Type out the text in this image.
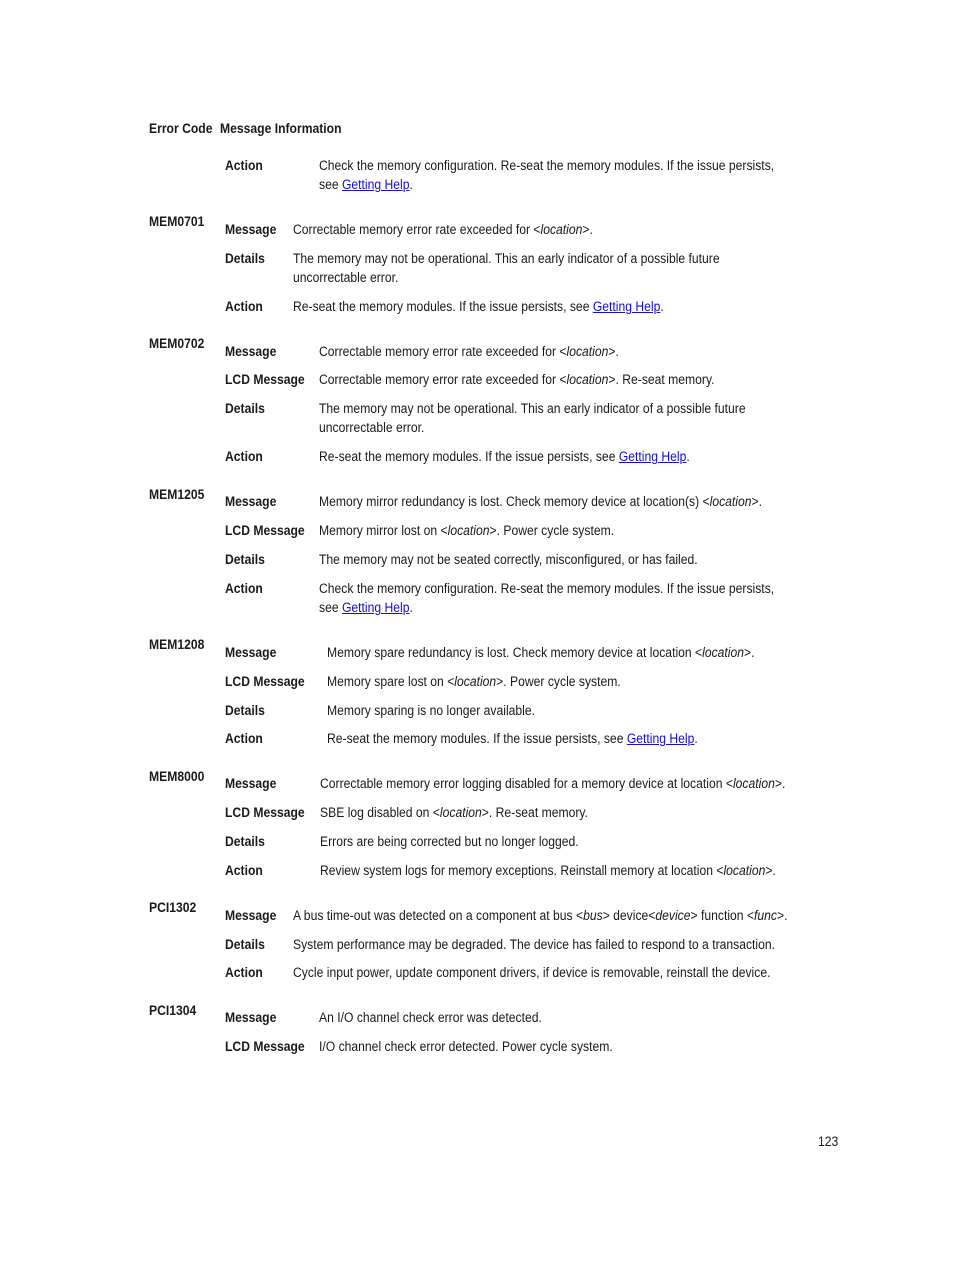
Error Code Message Information
Action	Check the memory configuration. Re-seat the memory modules. If the issue persists,
see Getting Help.
MEM0701
Message Correctable memory error rate exceeded for <location>.
Details The memory may not be operational. This an early indicator of a possible future
uncorrectable error.
Action Re-seat the memory modules. If the issue persists, see Getting Help.
MEM0702
Message	Correctable memory error rate exceeded for <location>.
LCD Message Correctable memory error rate exceeded for <location>. Re-seat memory.
Details	The memory may not be operational. This an early indicator of a possible future
uncorrectable error.
Action	Re-seat the memory modules. If the issue persists, see Getting Help.
MEM1205 Message	Memory mirror redundancy is lost. Check memory device at location(s) <location>.
LCD Message Memory mirror lost on <location>. Power cycle system.
Details	The memory may not be seated correctly, misconfigured, or has failed.
Action	Check the memory configuration. Re-seat the memory modules. If the issue persists,
see Getting Help.
MEM1208
Message	Memory spare redundancy is lost. Check memory device at location <location>.
LCD Message Memory spare lost on <location>. Power cycle system.
Details	Memory sparing is no longer available.
Action	Re-seat the memory modules. If the issue persists, see Getting Help.
MEM8000 Message	Correctable memory error logging disabled for a memory device at location <location>.
LCD Message SBE log disabled on <location>. Re-seat memory.
Details	Errors are being corrected but no longer logged.
Action	Review system logs for memory exceptions. Reinstall memory at location <location>.
PCI1302
Message A bus time-out was detected on a component at bus <bus> device<device> function <func>.
Details System performance may be degraded. The device has failed to respond to a transaction.
Action Cycle input power, update component drivers, if device is removable, reinstall the device.
PCI1304 Message	An I/O channel check error was detected.
LCD Message I/O channel check error detected. Power cycle system.
123
